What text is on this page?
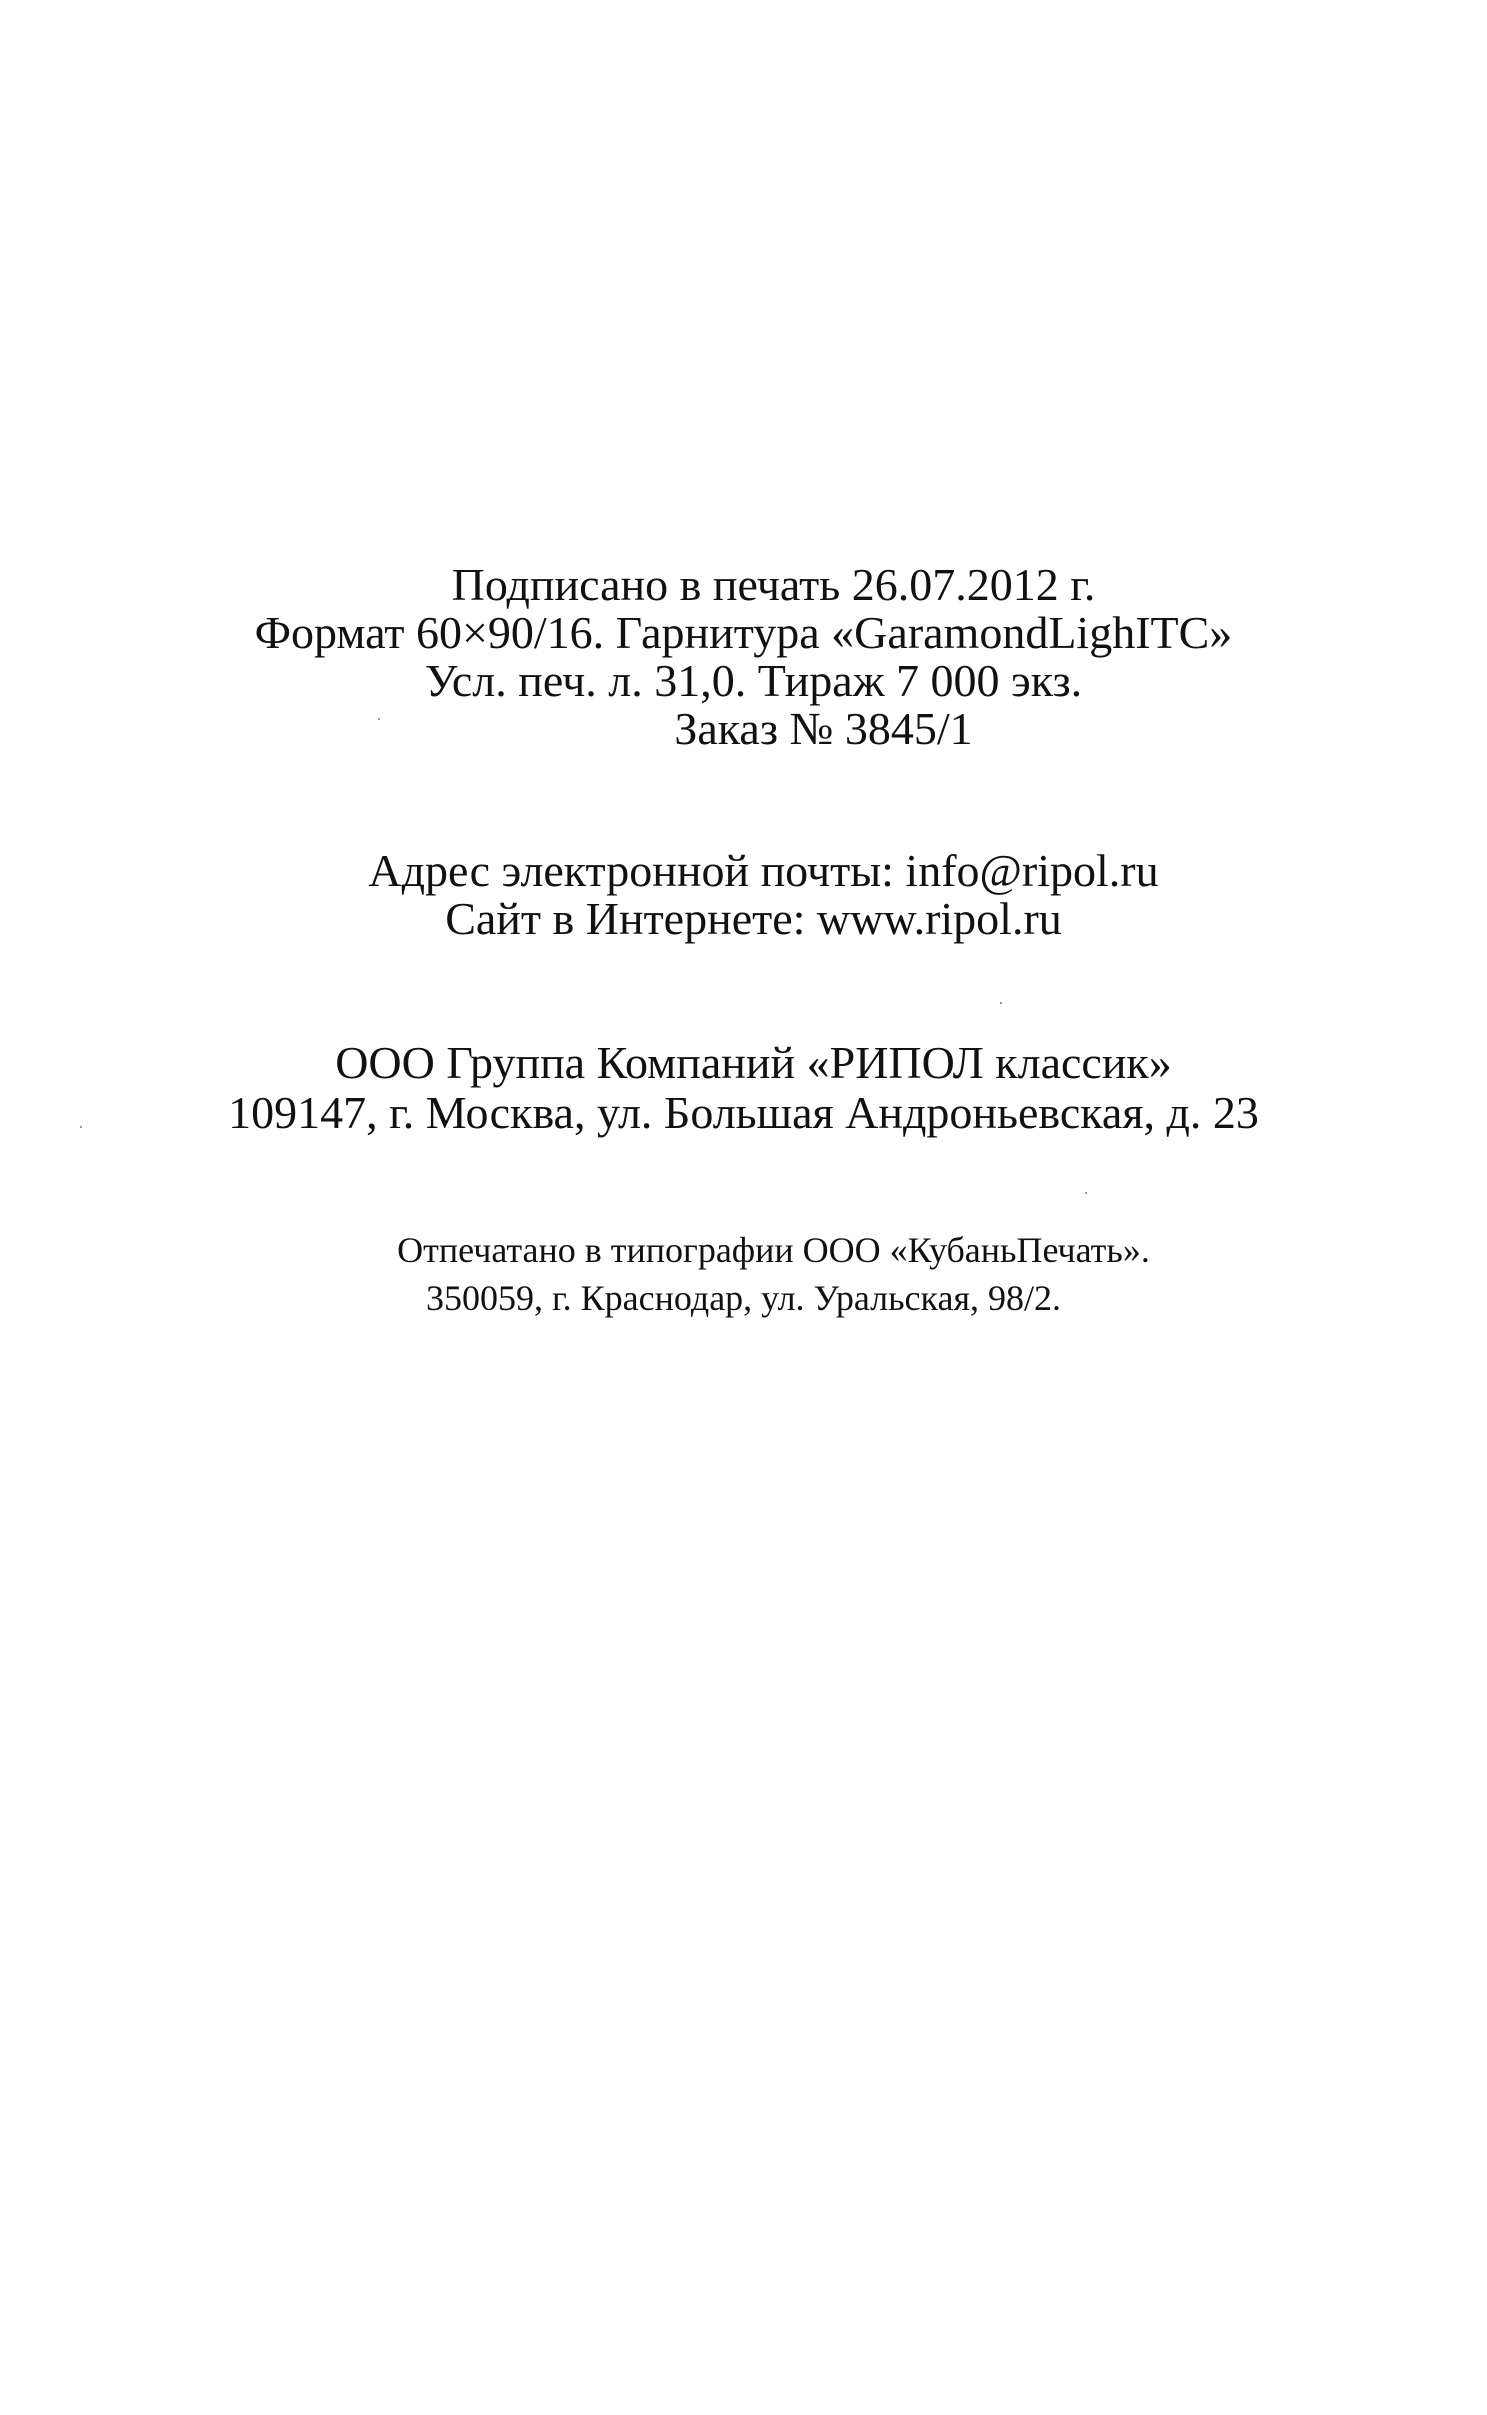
Подписано в печать 26.07.2012 г.
Формат 60×90/16. Гарнитура «GaramondLighITC»
Усл. печ. л. 31,0. Тираж 7 000 экз.
Заказ № 3845/1
Адрес электронной почты: info@ripol.ru
Сайт в Интернете: www.ripol.ru
ООО Группа Компаний «РИПОЛ классик»
109147, г. Москва, ул. Большая Андроньевская, д. 23
Отпечатано в типографии ООО «КубаньПечать».
350059, г. Краснодар, ул. Уральская, 98/2.
